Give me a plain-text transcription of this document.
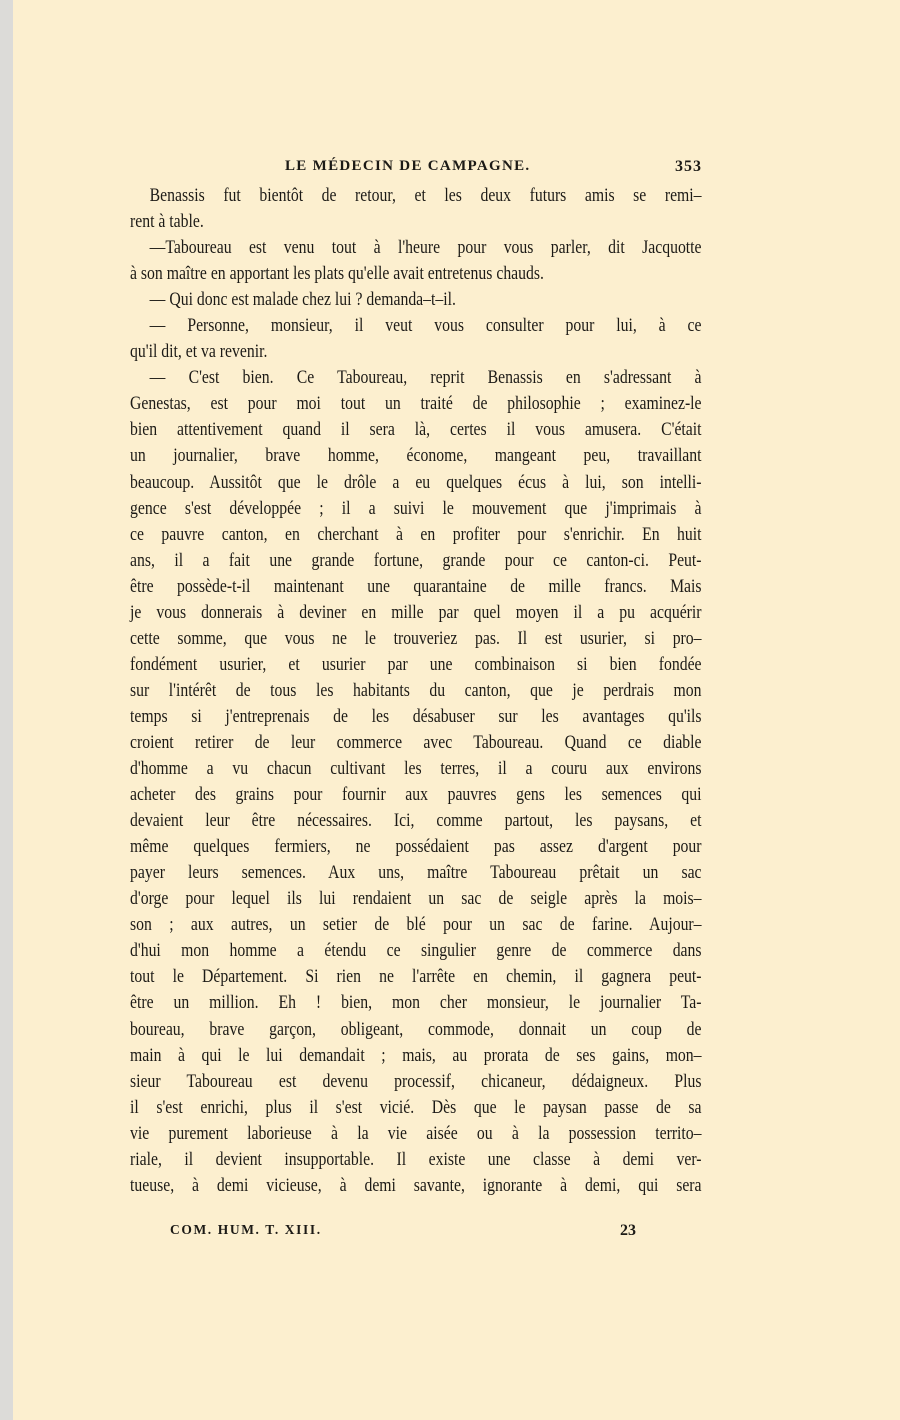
LE MÉDECIN DE CAMPAGNE.	353
Benassis fut bientôt de retour, et les deux futurs amis se remi–
rent à table.
—Taboureau est venu tout à l'heure pour vous parler, dit Jacquotte
à son maître en apportant les plats qu'elle avait entretenus chauds.
— Qui donc est malade chez lui ? demanda–t–il.
— Personne, monsieur, il veut vous consulter pour lui, à ce
qu'il dit, et va revenir.
— C'est bien. Ce Taboureau, reprit Benassis en s'adressant à
Genestas, est pour moi tout un traité de philosophie ; examinez-le
bien attentivement quand il sera là, certes il vous amusera. C'était
un journalier, brave homme, économe, mangeant peu, travaillant
beaucoup. Aussitôt que le drôle a eu quelques écus à lui, son intelli-
gence s'est développée ; il a suivi le mouvement que j'imprimais à
ce pauvre canton, en cherchant à en profiter pour s'enrichir. En huit
ans, il a fait une grande fortune, grande pour ce canton-ci. Peut-
être possède-t-il maintenant une quarantaine de mille francs. Mais
je vous donnerais à deviner en mille par quel moyen il a pu acquérir
cette somme, que vous ne le trouveriez pas. Il est usurier, si pro–
fondément usurier, et usurier par une combinaison si bien fondée
sur l'intérêt de tous les habitants du canton, que je perdrais mon
temps si j'entreprenais de les désabuser sur les avantages qu'ils
croient retirer de leur commerce avec Taboureau. Quand ce diable
d'homme a vu chacun cultivant les terres, il a couru aux environs
acheter des grains pour fournir aux pauvres gens les semences qui
devaient leur être nécessaires. Ici, comme partout, les paysans, et
même quelques fermiers, ne possédaient pas assez d'argent pour
payer leurs semences. Aux uns, maître Taboureau prêtait un sac
d'orge pour lequel ils lui rendaient un sac de seigle après la mois–
son ; aux autres, un setier de blé pour un sac de farine. Aujour–
d'hui mon homme a étendu ce singulier genre de commerce dans
tout le Département. Si rien ne l'arrête en chemin, il gagnera peut-
être un million. Eh ! bien, mon cher monsieur, le journalier Ta-
boureau, brave garçon, obligeant, commode, donnait un coup de
main à qui le lui demandait ; mais, au prorata de ses gains, mon–
sieur Taboureau est devenu processif, chicaneur, dédaigneux. Plus
il s'est enrichi, plus il s'est vicié. Dès que le paysan passe de sa
vie purement laborieuse à la vie aisée ou à la possession territo–
riale, il devient insupportable. Il existe une classe à demi ver-
tueuse, à demi vicieuse, à demi savante, ignorante à demi, qui sera
COM. HUM. T. XIII.	23
